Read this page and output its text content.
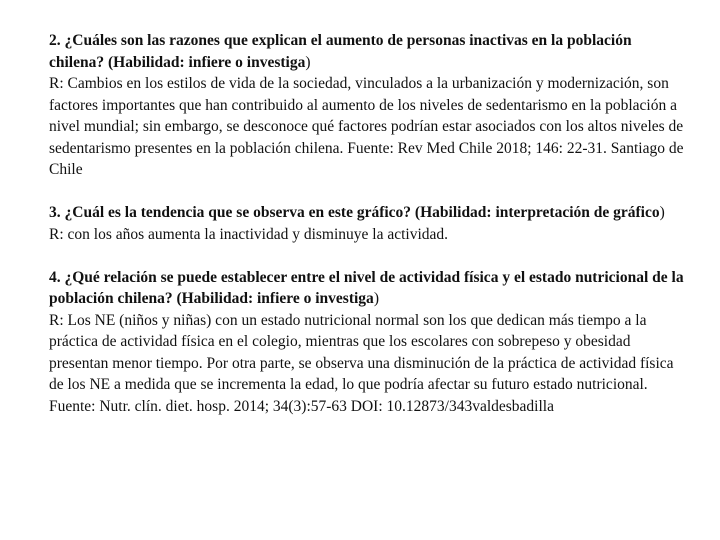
2. ¿Cuáles son las razones que explican el aumento de personas inactivas en la población chilena? (Habilidad: infiere o investiga)
R: Cambios en los estilos de vida de la sociedad, vinculados a la urbanización y modernización, son factores importantes que han contribuido al aumento de los niveles de sedentarismo en la población a nivel mundial; sin embargo, se desconoce qué factores podrían estar asociados con los altos niveles de sedentarismo presentes en la población chilena. Fuente: Rev Med Chile 2018; 146: 22-31. Santiago de Chile
3. ¿Cuál es la tendencia que se observa en este gráfico? (Habilidad: interpretación de gráfico)
R: con los años aumenta la inactividad y disminuye la actividad.
4. ¿Qué relación se puede establecer entre el nivel de actividad física y el estado nutricional de la población chilena? (Habilidad: infiere o investiga)
R: Los NE (niños y niñas) con un estado nutricional normal son los que dedican más tiempo a la práctica de actividad física en el colegio, mientras que los escolares con sobrepeso y obesidad presentan menor tiempo. Por otra parte, se observa una disminución de la práctica de actividad física de los NE a medida que se incrementa la edad, lo que podría afectar su futuro estado nutricional. Fuente: Nutr. clín. diet. hosp. 2014; 34(3):57-63 DOI: 10.12873/343valdesbadilla
